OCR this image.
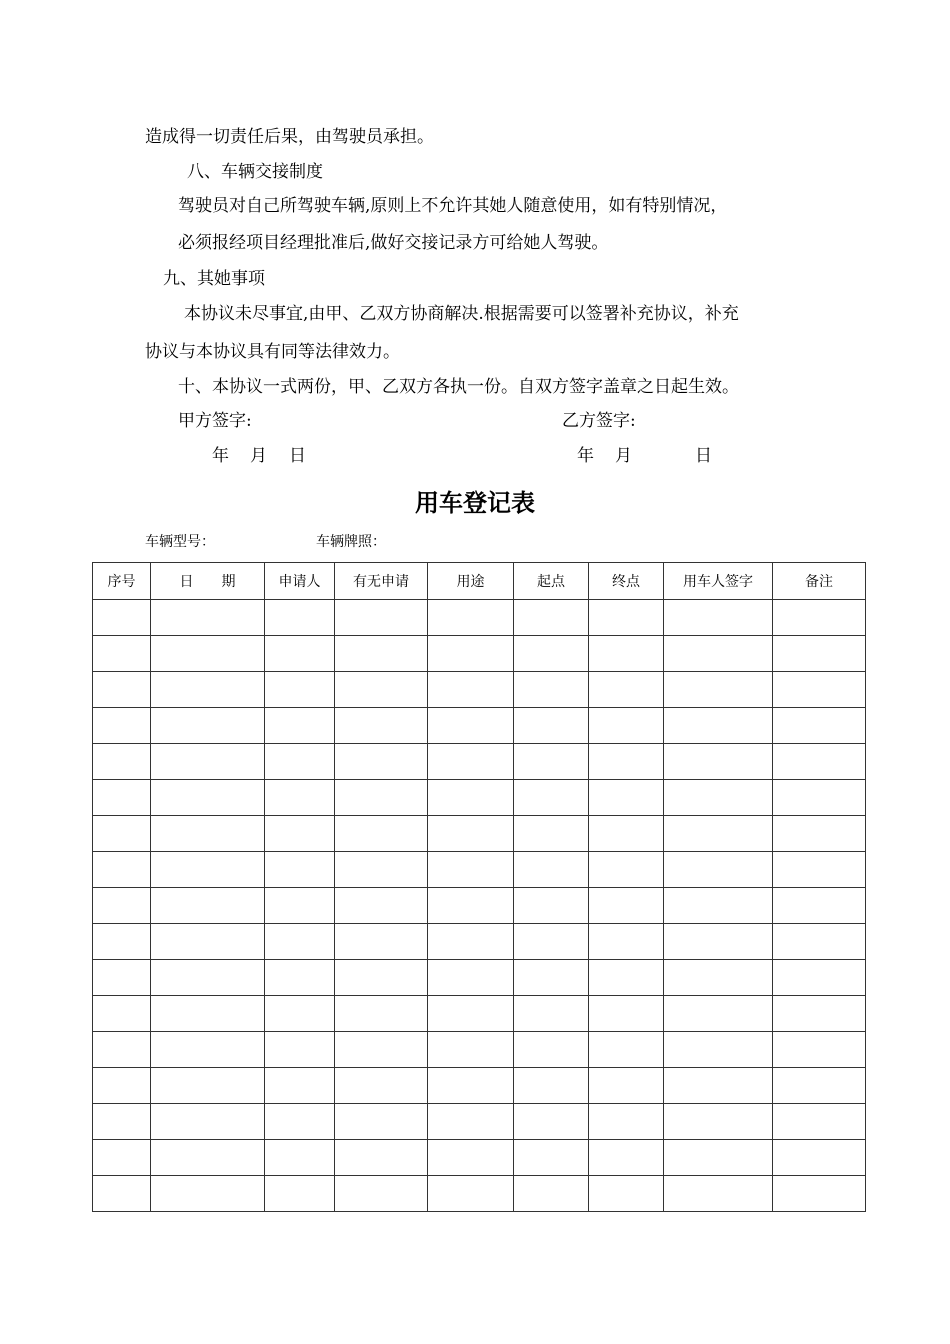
造成得一切责任后果，由驾驶员承担。
八、车辆交接制度
驾驶员对自己所驾驶车辆,原则上不允许其她人随意使用，如有特别情况，
必须报经项目经理批准后,做好交接记录方可给她人驾驶。
九、其她事项
本协议未尽事宜,由甲、乙双方协商解决.根据需要可以签署补充协议，补充
协议与本协议具有同等法律效力。
十、本协议一式两份，甲、乙双方各执一份。自双方签字盖章之日起生效。
甲方签字:	乙方签字:
年 月 日	年 月	日
用车登记表
车辆型号：	车辆牌照：
序号	日　　期	申请人	有无申请	用途	起点	终点	用车人签字	备注
